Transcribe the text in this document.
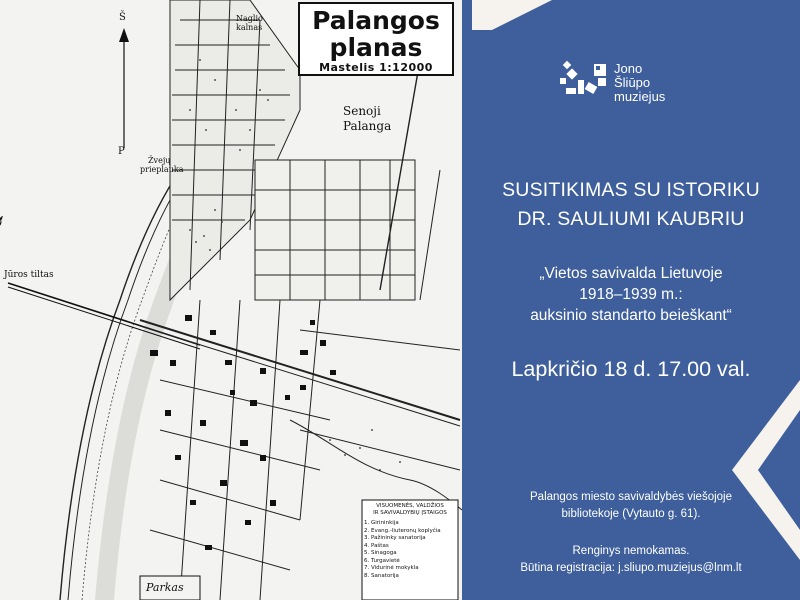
Palangos
planas
Mastelis 1:12000
Naglio
kalnas
Senoji
Palanga
Žvejų
prieplauka
Jūros tiltas
Parkas
Š
P
VISUOMENĖS, VALDŽIOS
IR SAVIVALDYBIŲ ĮSTAIGOS
1. Girininkija
2. Evang.-liuteronų koplyčia
3. Pažininky sanatorija
4. Paštas
5. Sinagoga
6. Turgavietė
7. Vidurinė mokykla
8. Sanatorija
Jono
Šliūpo
muziejus
SUSITIKIMAS SU ISTORIKU
DR. SAULIUMI KAUBRIU
„Vietos savivalda Lietuvoje
1918–1939 m.:
auksinio standarto beieškant“
Lapkričio 18 d. 17.00 val.
Palangos miesto savivaldybės viešojoje
bibliotekoje (Vytauto g. 61).
Renginys nemokamas.
Būtina registracija: j.sliupo.muziejus@lnm.lt
